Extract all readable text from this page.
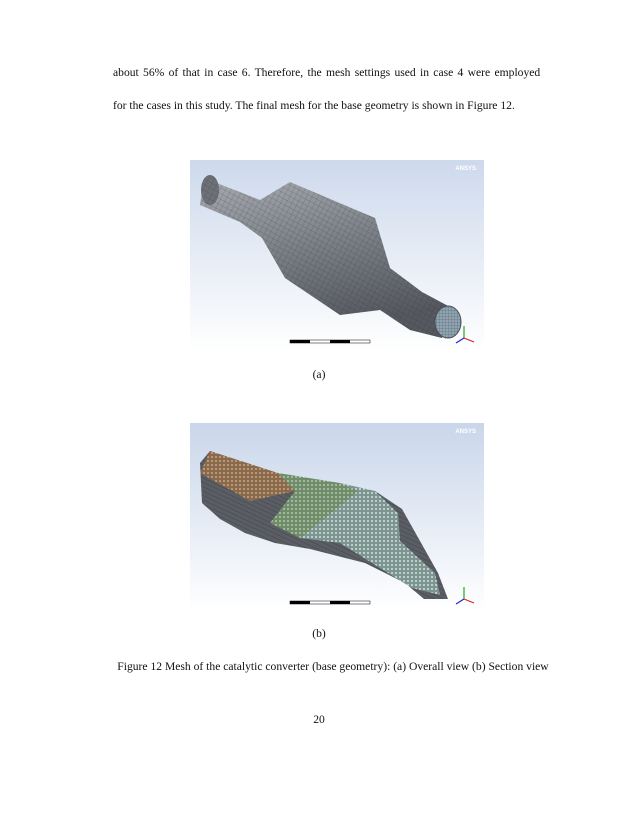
about 56% of that in case 6. Therefore, the mesh settings used in case 4 were employed
for the cases in this study. The final mesh for the base geometry is shown in Figure 12.
ANSYS
(a)
ANSYS
(b)
Figure 12 Mesh of the catalytic converter (base geometry): (a) Overall view (b) Section view
20
